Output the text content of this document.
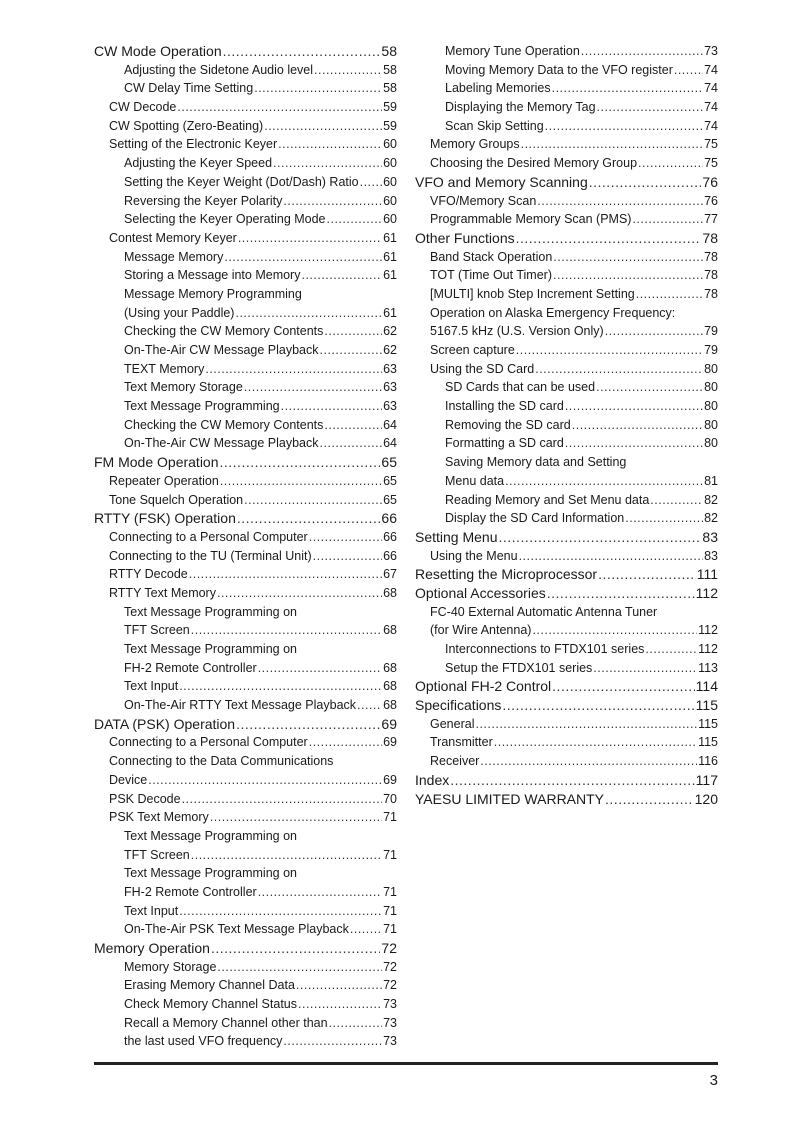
CW Mode Operation .....	58
Adjusting the Sidetone Audio level .....	58
CW Delay Time Setting .....	58
CW Decode .....	59
CW Spotting (Zero-Beating) .....	59
Setting of the Electronic Keyer .....	60
Adjusting the Keyer Speed .....	60
Setting the Keyer Weight (Dot/Dash) Ratio ..... 60
Reversing the Keyer Polarity .....	60
Selecting the Keyer Operating Mode .....	60
Contest Memory Keyer .....	61
Message Memory .....	61
Storing a Message into Memory .....	61
Message Memory Programming
(Using your Paddle) .....	61
Checking the CW Memory Contents .....	62
On-The-Air CW Message Playback .....	62
TEXT Memory .....	63
Text Memory Storage .....	63
Text Message Programming .....	63
Checking the CW Memory Contents .....	64
On-The-Air CW Message Playback .....	64
FM Mode Operation .....	65
Repeater Operation .....	65
Tone Squelch Operation .....	65
RTTY (FSK) Operation .....	66
Connecting to a Personal Computer .....	66
Connecting to the TU (Terminal Unit) .....	66
RTTY Decode .....	67
RTTY Text Memory .....	68
Text Message Programming on
TFT Screen .....	68
Text Message Programming on
FH-2 Remote Controller .....	68
Text Input .....	68
On-The-Air RTTY Text Message Playback ..... 68
DATA (PSK) Operation .....	69
Connecting to a Personal Computer .....	69
Connecting to the Data Communications
Device .....	69
PSK Decode .....	70
PSK Text Memory .....	71
Text Message Programming on
TFT Screen .....	71
Text Message Programming on
FH-2 Remote Controller .....	71
Text Input .....	71
On-The-Air PSK Text Message Playback .....	71
Memory Operation .....	72
Memory Storage .....	72
Erasing Memory Channel Data .....	72
Check Memory Channel Status .....	73
Recall a Memory Channel other than .....	73
the last used VFO frequency .....	73
Memory Tune Operation .....	73
Moving Memory Data to the VFO register ..... 74
Labeling Memories .....	74
Displaying the Memory Tag .....	74
Scan Skip Setting .....	74
Memory Groups .....	75
Choosing the Desired Memory Group .....	75
VFO and Memory Scanning .....	76
VFO/Memory Scan .....	76
Programmable Memory Scan (PMS) .....	77
Other Functions .....	78
Band Stack Operation .....	78
TOT (Time Out Timer) .....	78
[MULTI] knob Step Increment Setting .....	78
Operation on Alaska Emergency Frequency:
5167.5 kHz (U.S. Version Only) .....	79
Screen capture .....	79
Using the SD Card .....	80
SD Cards that can be used .....	80
Installing the SD card .....	80
Removing the SD card .....	80
Formatting a SD card .....	80
Saving Memory data and Setting
Menu data .....	81
Reading Memory and Set Menu data .....	82
Display the SD Card Information .....	82
Setting Menu .....	83
Using the Menu .....	83
Resetting the Microprocessor .....	111
Optional Accessories .....	112
FC-40 External Automatic Antenna Tuner
(for Wire Antenna) .....	112
Interconnections to FTDX101 series .....	112
Setup the FTDX101 series .....	113
Optional FH-2 Control .....	114
Specifications .....	115
General .....	115
Transmitter .....	115
Receiver .....	116
Index .....	117
YAESU LIMITED WARRANTY .....	120
3
